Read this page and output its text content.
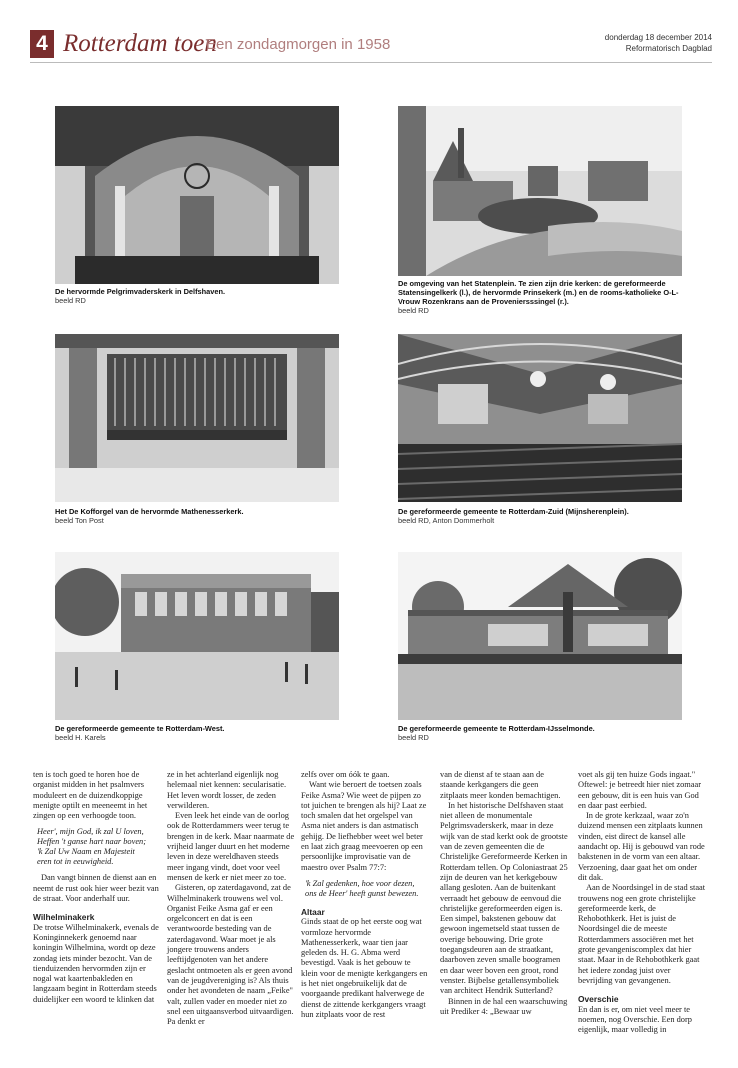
4 Rotterdam toen
Een zondagmorgen in 1958	donderdag 18 december 2014
Reformatorisch Dagblad
De hervormde Pelgrimvaderskerk in Delfshaven.
beeld RD
De omgeving van het Statenplein. Te zien zijn drie kerken: de gereformeerde Statensingelkerk (l.), de hervormde Prinsekerk (m.) en de rooms-katholieke O-L-Vrouw Rozenkrans aan de Proveniersssingel (r.).
beeld RD
Het De Kofforgel van de hervormde Mathenesserkerk.
beeld Ton Post
De gereformeerde gemeente te Rotterdam-Zuid (Mijnsherenplein).
beeld RD, Anton Dommerholt
De gereformeerde gemeente te Rotterdam-West.
beeld H. Karels
De gereformeerde gemeente te Rotterdam-IJsselmonde.
beeld RD

ten is toch goed te horen hoe de organist midden in het psalmvers moduleert en de duizendkoppige menigte optilt en meeneemt in het zingen op een verhoogde toon.

Heer', mijn God, ik zal U loven,
Heffen 't ganse hart naar boven;
'k Zal Uw Naam en Majesteit
eren tot in eeuwigheid.

Dan vangt binnen de dienst aan en neemt de rust ook hier weer bezit van de straat. Voor anderhalf uur.

Wilhelminakerk

De trotse Wilhelminakerk, evenals de Koninginnekerk genoemd naar koningin Wilhelmina, wordt op deze zondag iets minder bezocht. Van de tienduizenden hervormden zijn er nogal wat kaartenbakleden en langzaam begint in Rotterdam steeds duidelijker een woord te klinken dat

ze in het achterland eigenlijk nog helemaal niet kennen: secularisatie. Het leven wordt losser, de zeden verwilderen.

Even leek het einde van de oorlog ook de Rotterdammers weer terug te brengen in de kerk. Maar naarmate de vrijheid langer duurt en het moderne leven in deze wereldhaven steeds meer ingang vindt, doet voor veel mensen de kerk er niet meer zo toe.

Gisteren, op zaterdagavond, zat de Wilhelminakerk trouwens wel vol. Organist Feike Asma gaf er een orgelconcert en dat is een verantwoorde besteding van de zaterdagavond. Waar moet je als jongere trouwens anders leeftijdgenoten van het andere geslacht ontmoeten als er geen avond van de jeugdvereniging is? Als thuis onder het avondeten de naam „Feike" valt, zullen vader en moeder niet zo snel een uitgaansverbod uitvaardigen. Pa denkt er

zelfs over om óók te gaan.

Want wie beroert de toetsen zoals Feike Asma? Wie weet de pijpen zo tot juichen te brengen als hij? Laat ze toch smalen dat het orgelspel van Asma niet anders is dan astmatisch gehijg. De liefhebber weet wel beter en laat zich graag meevoeren op een persoonlijke improvisatie van de maestro over Psalm 77:7:

'k Zal gedenken, hoe voor dezen,
ons de Heer' heeft gunst bewezen.
Altaar

Ginds staat de op het eerste oog wat vormloze hervormde Mathenesserkerk, waar tien jaar geleden ds. H. G. Abma werd bevestigd. Vaak is het gebouw te klein voor de menigte kerkgangers en is het niet ongebruikelijk dat de voorgaande predikant halverwege de dienst de zittende kerkgangers vraagt hun zitplaats voor de rest

van de dienst af te staan aan de staande kerkgangers die geen zitplaats meer konden bemachtigen.

In het historische Delfshaven staat niet alleen de monumentale Pelgrimsvaderskerk, maar in deze wijk van de stad kerkt ook de grootste van de zeven gemeenten die de Christelijke Gereformeerde Kerken in Rotterdam tellen. Op Coloniastraat 25 zijn de deuren van het kerkgebouw allang gesloten. Aan de buitenkant verraadt het gebouw de eenvoud die christelijke gereformeerden eigen is. Een simpel, bakstenen gebouw dat gewoon ingemetseld staat tussen de overige bebouwing. Drie grote toegangsdeuren aan de straatkant, daarboven zeven smalle boogramen en daar weer boven een groot, rond venster. Bijbelse getallensymboliek van architect Hendrik Sutterland?

Binnen in de hal een waarschuwing uit Prediker 4: „Bewaar uw

voet als gij ten huize Gods ingaat." Oftewel: je betreedt hier niet zomaar een gebouw, dit is een huis van God en daar past eerbied.

In de grote kerkzaal, waar zo'n duizend mensen een zitplaats kunnen vinden, eist direct de kansel alle aandacht op. Hij is gebouwd van rode bakstenen in de vorm van een altaar. Verzoening, daar gaat het om onder dit dak.

Aan de Noordsingel in de stad staat trouwens nog een grote christelijke gereformeerde kerk, de Rehobothkerk. Het is juist de Noordsingel die de meeste Rotterdammers associëren met het grote gevangeniscomplex dat hier staat. Maar in de Rehobothkerk gaat het iedere zondag juist over bevrijding van gevangenen.

Overschie

En dan is er, om niet veel meer te noemen, nog Overschie. Een dorp eigenlijk, maar volledig in
